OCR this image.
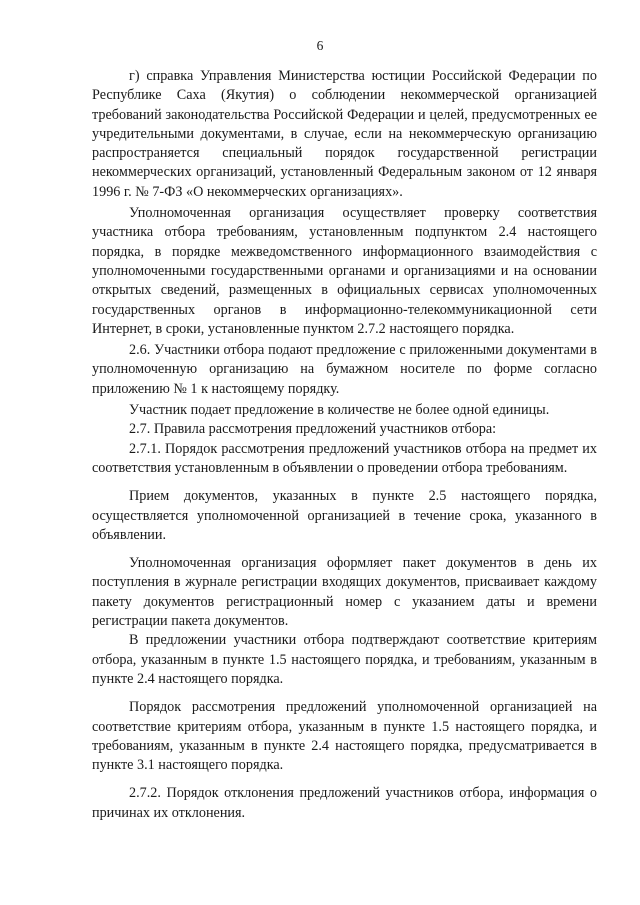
6

г) справка Управления Министерства юстиции Российской Федерации по Республике Саха (Якутия) о соблюдении некоммерческой организацией требований законодательства Российской Федерации и целей, предусмотренных ее учредительными документами, в случае, если на некоммерческую организацию распространяется специальный порядок государственной регистрации некоммерческих организаций, установленный Федеральным законом от 12 января 1996 г. № 7-ФЗ «О некоммерческих организациях».

Уполномоченная организация осуществляет проверку соответствия участника отбора требованиям, установленным подпунктом 2.4 настоящего порядка, в порядке межведомственного информационного взаимодействия с уполномоченными государственными органами и организациями и на основании открытых сведений, размещенных в официальных сервисах уполномоченных государственных органов в информационно-телекоммуникационной сети Интернет, в сроки, установленные пунктом 2.7.2 настоящего порядка.

2.6. Участники отбора подают предложение с приложенными документами в уполномоченную организацию на бумажном носителе по форме согласно приложению № 1 к настоящему порядку.

Участник подает предложение в количестве не более одной единицы.

2.7. Правила рассмотрения предложений участников отбора:

2.7.1. Порядок рассмотрения предложений участников отбора на предмет их соответствия установленным в объявлении о проведении отбора требованиям.

Прием документов, указанных в пункте 2.5 настоящего порядка, осуществляется уполномоченной организацией в течение срока, указанного в объявлении.

Уполномоченная организация оформляет пакет документов в день их поступления в журнале регистрации входящих документов, присваивает каждому пакету документов регистрационный номер с указанием даты и времени регистрации пакета документов.

В предложении участники отбора подтверждают соответствие критериям отбора, указанным в пункте 1.5 настоящего порядка, и требованиям, указанным в пункте 2.4 настоящего порядка.

Порядок рассмотрения предложений уполномоченной организацией на соответствие критериям отбора, указанным в пункте 1.5 настоящего порядка, и требованиям, указанным в пункте 2.4 настоящего порядка, предусматривается в пункте 3.1 настоящего порядка.

2.7.2. Порядок отклонения предложений участников отбора, информация о причинах их отклонения.
